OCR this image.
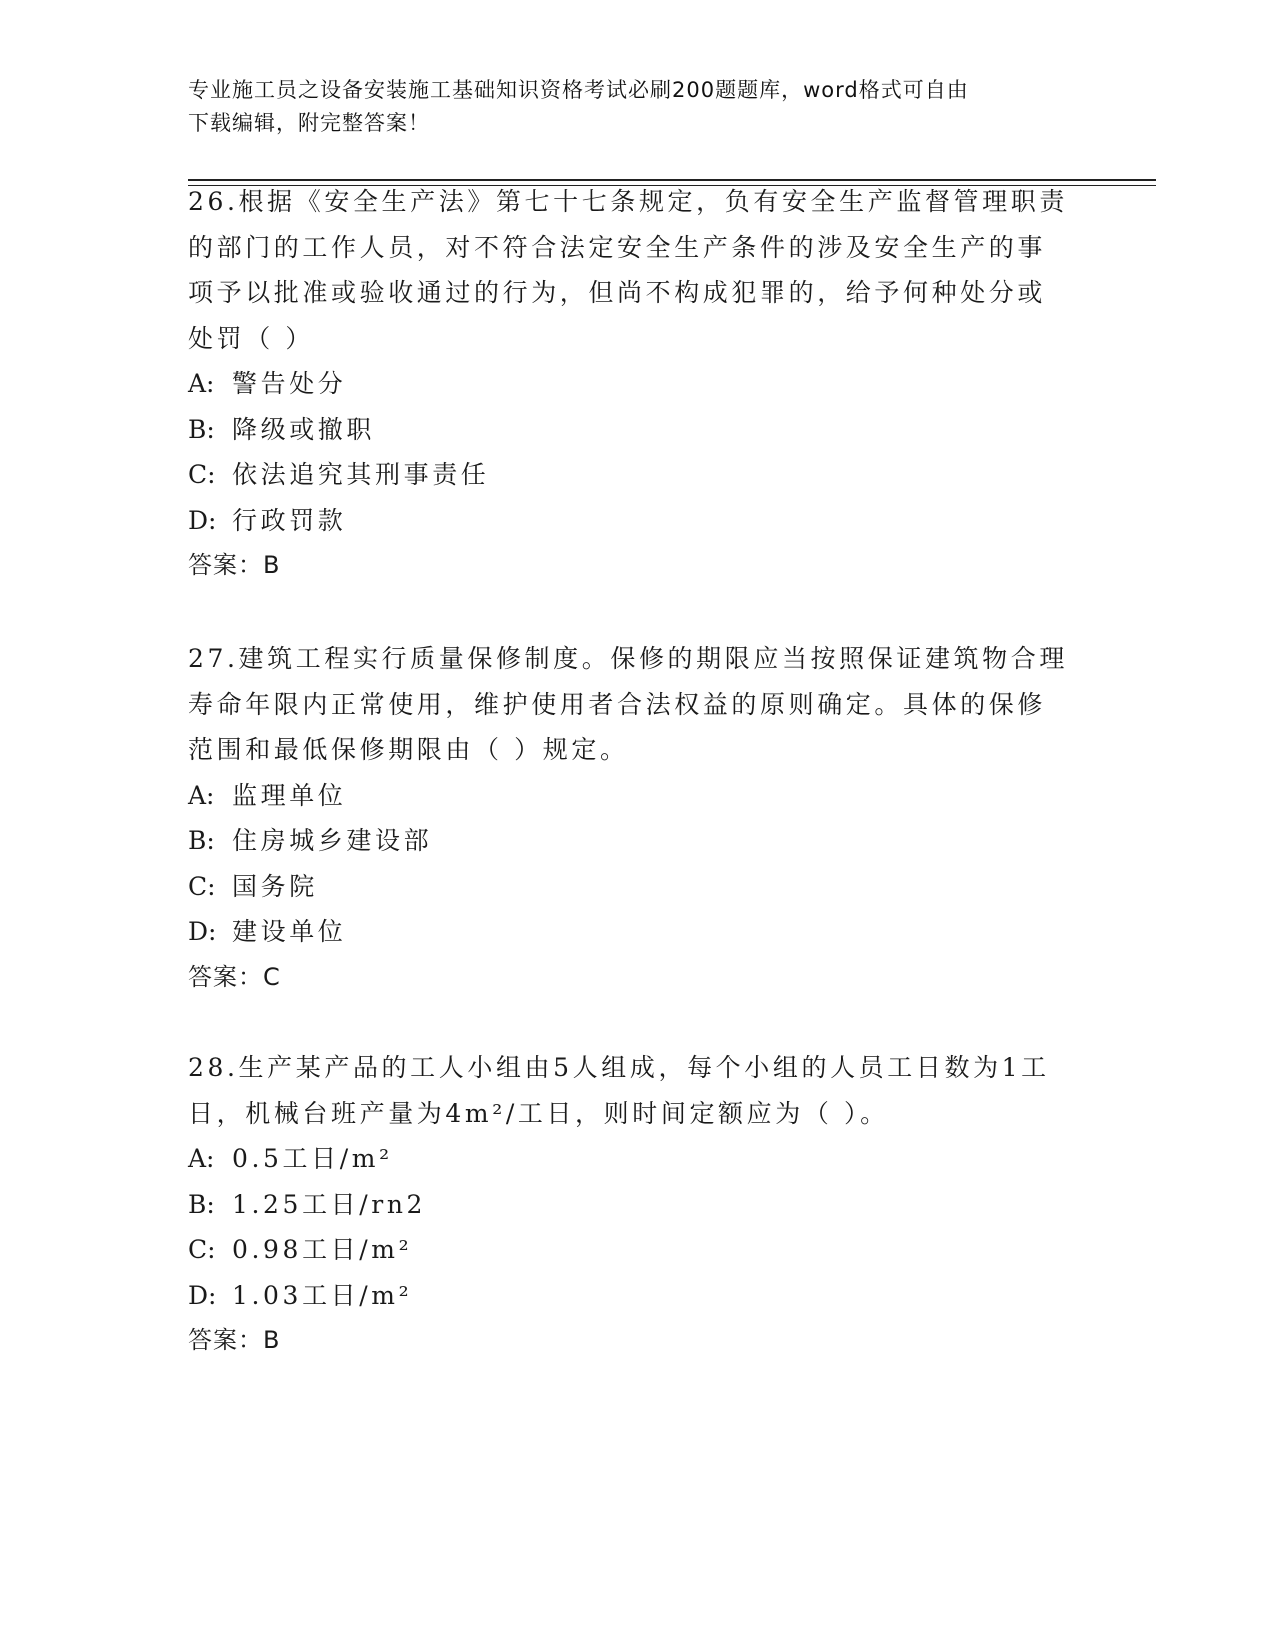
专业施工员之设备安装施工基础知识资格考试必刷200题题库，word格式可自由
下载编辑，附完整答案！

26.根据《安全生产法》第七十七条规定，负有安全生产监督管理职责
的部门的工作人员，对不符合法定安全生产条件的涉及安全生产的事
项予以批准或验收通过的行为，但尚不构成犯罪的，给予何种处分或
处罚（ ）

A: 警告处分

B: 降级或撤职

C: 依法追究其刑事责任

D: 行政罚款

答案：B

27.建筑工程实行质量保修制度。保修的期限应当按照保证建筑物合理
寿命年限内正常使用，维护使用者合法权益的原则确定。具体的保修
范围和最低保修期限由（ ）规定。

A: 监理单位

B: 住房城乡建设部

C: 国务院

D: 建设单位

答案：C

28.生产某产品的工人小组由5人组成，每个小组的人员工日数为1工
日，机械台班产量为4m²/工日，则时间定额应为（ ）。

A: 0.5工日/m²

B: 1.25工日/rn2

C: 0.98工日/m²

D: 1.03工日/m²

答案：B
